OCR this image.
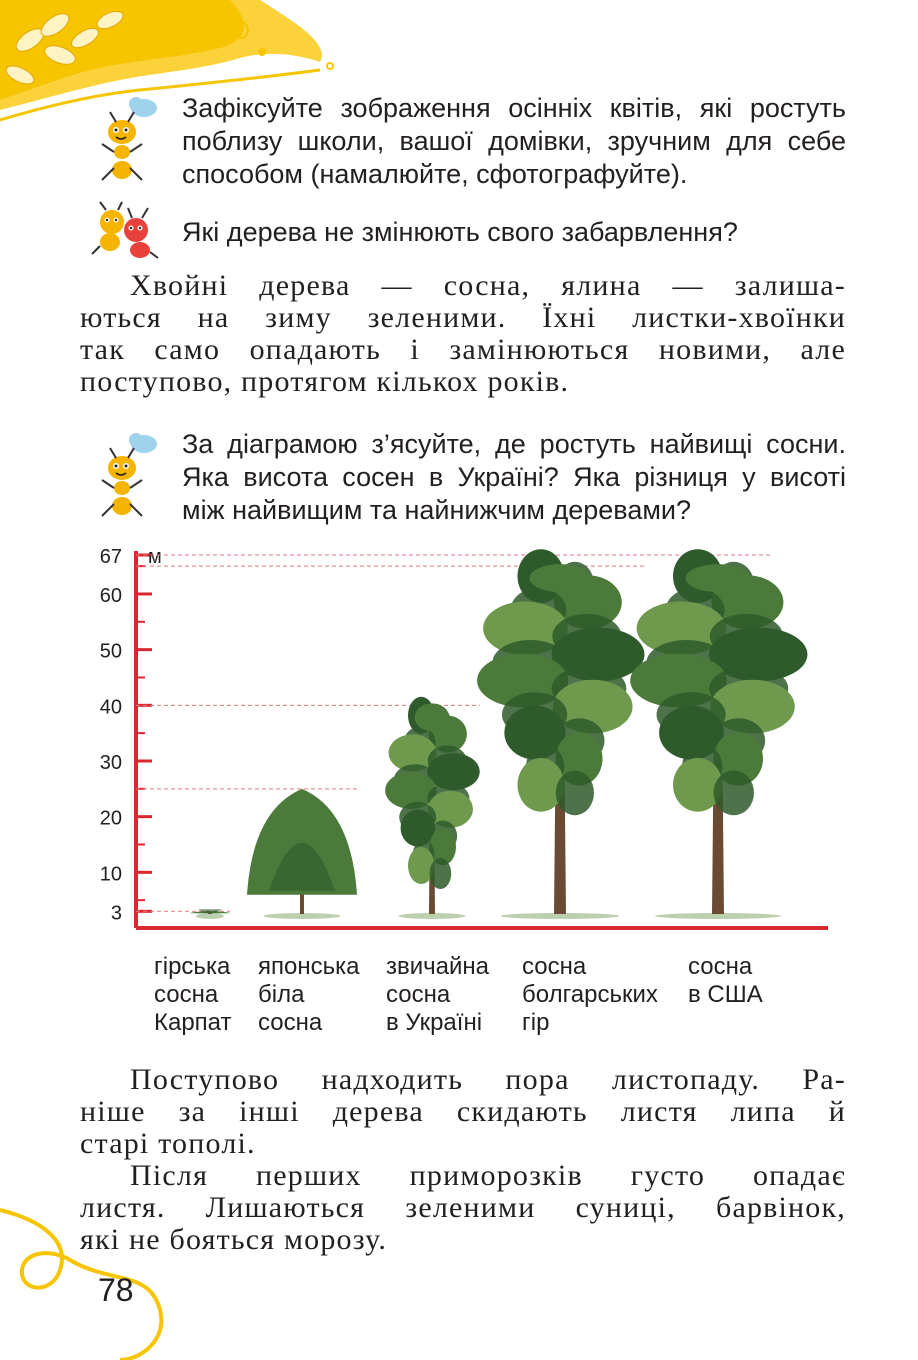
Зафіксуйте зображення осінніх квітів, які ростуть
поблизу школи, вашої домівки, зручним для себе
способом (намалюйте, сфотографуйте).
Які дерева не змінюють свого забарвлення?
Хвойні дерева — сосна, ялина — залиша-
ються на зиму зеленими. Їхні листки-хвоїнки
так само опадають і замінюються новими, але
поступово, протягом кількох років.
За діаграмою з’ясуйте, де ростуть найвищі сосни.
Яка висота сосен в Україні? Яка різниця у висоті
між найвищим та найнижчим деревами?
67
60
50
40
30
20
10
3
м
гірська
сосна
Карпат
японська
біла
сосна
звичайна
сосна
в Україні
сосна
болгарських
гір
сосна
в США
Поступово надходить пора листопаду. Ра-
ніше за інші дерева скидають листя липа й
старі тополі.
Після перших приморозків густо опадає
листя. Лишаються зеленими суниці, барвінок,
які не бояться морозу.
78
